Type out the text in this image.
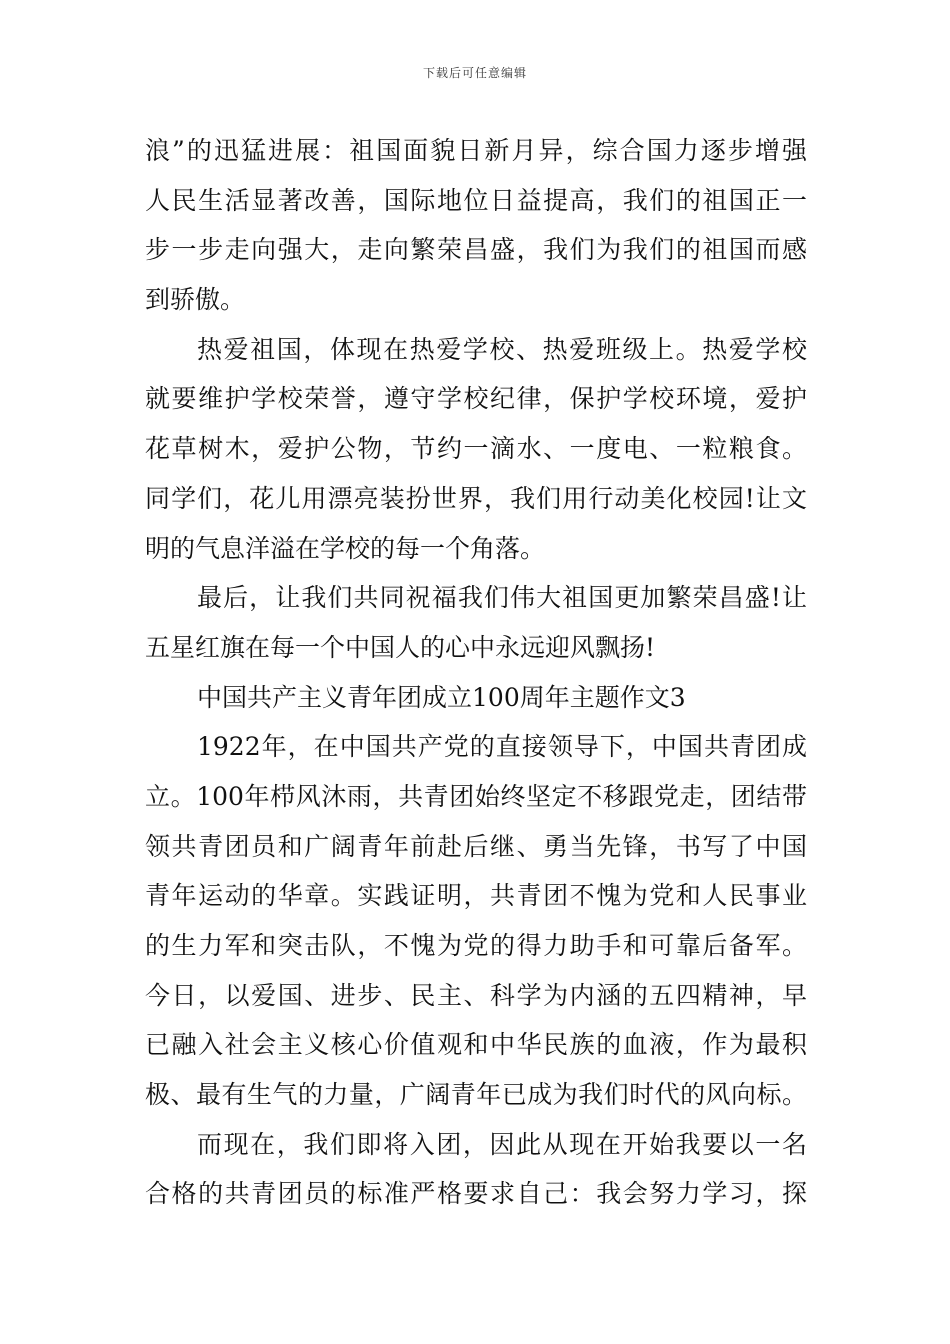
下载后可任意编辑
浪”的迅猛进展：祖国面貌日新月异，综合国力逐步增强
人民生活显著改善，国际地位日益提高，我们的祖国正一
步一步走向强大，走向繁荣昌盛，我们为我们的祖国而感
到骄傲。
热爱祖国，体现在热爱学校、热爱班级上。热爱学校
就要维护学校荣誉，遵守学校纪律，保护学校环境，爱护
花草树木，爱护公物，节约一滴水、一度电、一粒粮食。
同学们，花儿用漂亮装扮世界，我们用行动美化校园!让文
明的气息洋溢在学校的每一个角落。
最后，让我们共同祝福我们伟大祖国更加繁荣昌盛!让
五星红旗在每一个中国人的心中永远迎风飘扬!
中国共产主义青年团成立100周年主题作文3
1922年，在中国共产党的直接领导下，中国共青团成
立。100年栉风沐雨，共青团始终坚定不移跟党走，团结带
领共青团员和广阔青年前赴后继、勇当先锋，书写了中国
青年运动的华章。实践证明，共青团不愧为党和人民事业
的生力军和突击队，不愧为党的得力助手和可靠后备军。
今日，以爱国、进步、民主、科学为内涵的五四精神，早
已融入社会主义核心价值观和中华民族的血液，作为最积
极、最有生气的力量，广阔青年已成为我们时代的风向标。
而现在，我们即将入团，因此从现在开始我要以一名
合格的共青团员的标准严格要求自己：我会努力学习，探
